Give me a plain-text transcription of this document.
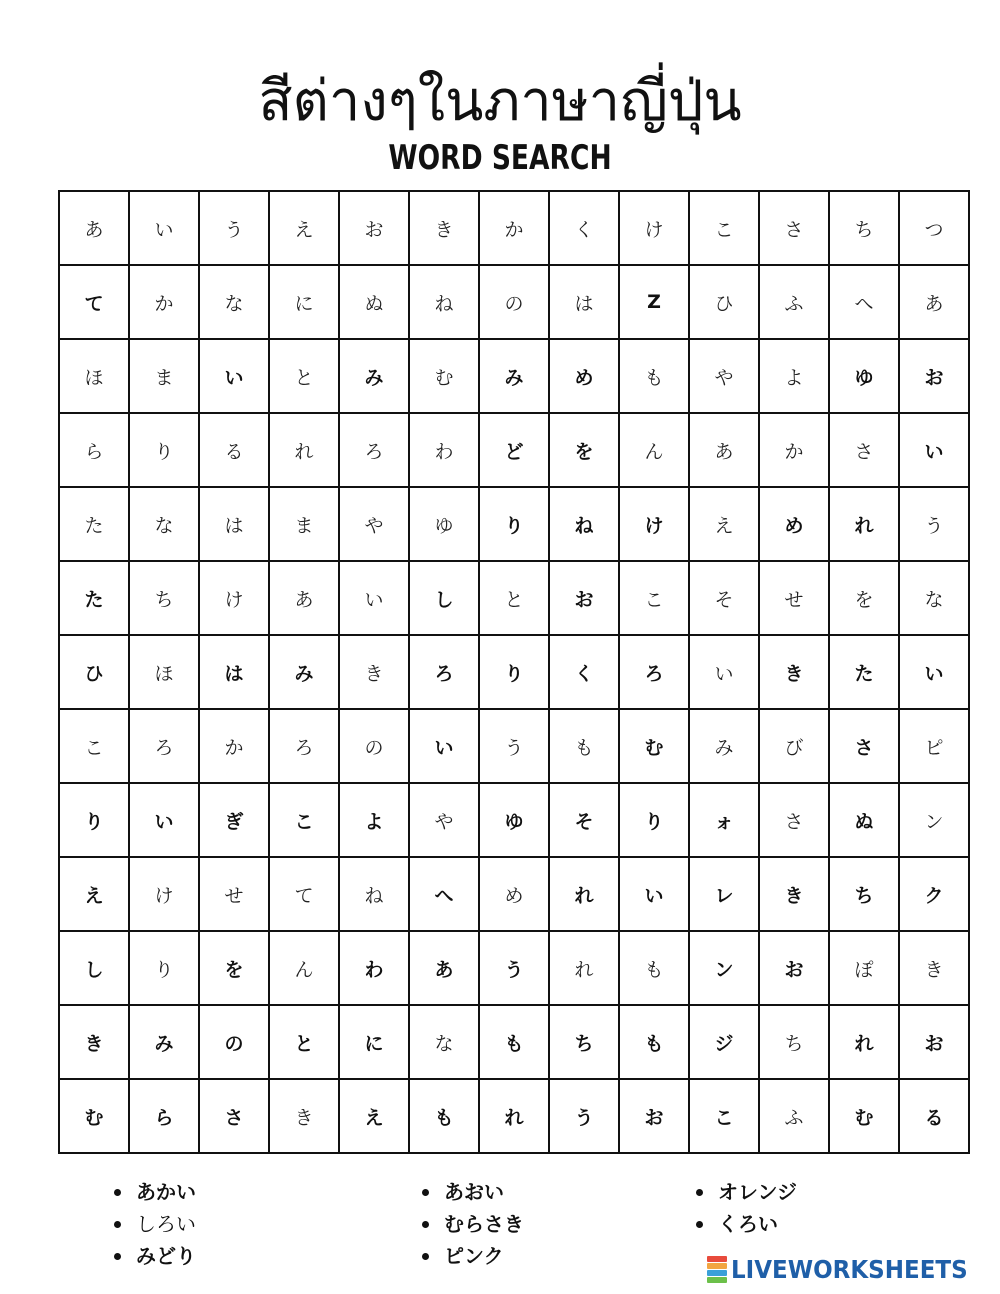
สีต่างๆในภาษาญี่ปุ่น
WORD SEARCH
あ	い	う	え	お	き	か	く	け	こ	さ	ち	つ
て	か	な	に	ぬ	ね	の	は	Z	ひ	ふ	へ	あ
ほ	ま	い	と	み	む	み	め	も	や	よ	ゆ	お
ら	り	る	れ	ろ	わ	ど	を	ん	あ	か	さ	い
た	な	は	ま	や	ゆ	り	ね	け	え	め	れ	う
た	ち	け	あ	い	し	と	お	こ	そ	せ	を	な
ひ	ほ	は	み	き	ろ	り	く	ろ	い	き	た	い
こ	ろ	か	ろ	の	い	う	も	む	み	び	さ	ピ
り	い	ぎ	こ	よ	や	ゆ	そ	り	ォ	さ	ぬ	ン
え	け	せ	て	ね	へ	め	れ	い	レ	き	ち	ク
し	り	を	ん	わ	あ	う	れ	も	ン	お	ぽ	き
き	み	の	と	に	な	も	ち	も	ジ	ち	れ	お
む	ら	さ	き	え	も	れ	う	お	こ	ふ	む	る
あかい
しろい
みどり
あおい
むらさき
ピンク
オレンジ
くろい
LIVEWORKSHEETS
